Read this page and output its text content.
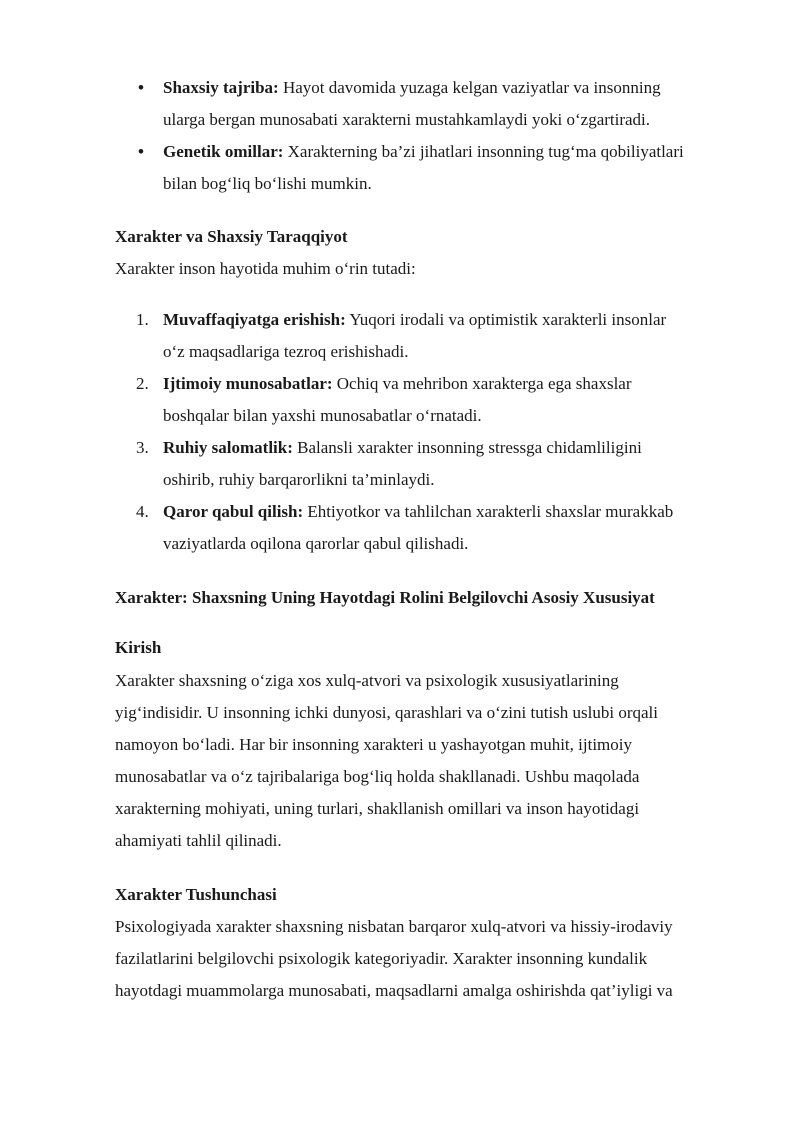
• Shaxsiy tajriba: Hayot davomida yuzaga kelgan vaziyatlar va insonning
ularga bergan munosabati xarakterni mustahkamlaydi yoki o‘zgartiradi.
• Genetik omillar: Xarakterning ba’zi jihatlari insonning tug‘ma qobiliyatlari
bilan bog‘liq bo‘lishi mumkin.
Xarakter va Shaxsiy Taraqqiyot
Xarakter inson hayotida muhim o‘rin tutadi:
1. Muvaffaqiyatga erishish: Yuqori irodali va optimistik xarakterli insonlar
o‘z maqsadlariga tezroq erishishadi.
2. Ijtimoiy munosabatlar: Ochiq va mehribon xarakterga ega shaxslar
boshqalar bilan yaxshi munosabatlar o‘rnatadi.
3. Ruhiy salomatlik: Balansli xarakter insonning stressga chidamliligini
oshirib, ruhiy barqarorlikni ta’minlaydi.
4. Qaror qabul qilish: Ehtiyotkor va tahlilchan xarakterli shaxslar murakkab
vaziyatlarda oqilona qarorlar qabul qilishadi.
Xarakter: Shaxsning Uning Hayotdagi Rolini Belgilovchi Asosiy Xususiyat
Kirish
Xarakter shaxsning o‘ziga xos xulq-atvori va psixologik xususiyatlarining
yig‘indisidir. U insonning ichki dunyosi, qarashlari va o‘zini tutish uslubi orqali
namoyon bo‘ladi. Har bir insonning xarakteri u yashayotgan muhit, ijtimoiy
munosabatlar va o‘z tajribalariga bog‘liq holda shakllanadi. Ushbu maqolada
xarakterning mohiyati, uning turlari, shakllanish omillari va inson hayotidagi
ahamiyati tahlil qilinadi.
Xarakter Tushunchasi
Psixologiyada xarakter shaxsning nisbatan barqaror xulq-atvori va hissiy-irodaviy
fazilatlarini belgilovchi psixologik kategoriyadir. Xarakter insonning kundalik
hayotdagi muammolarga munosabati, maqsadlarni amalga oshirishda qat’iyligi va
